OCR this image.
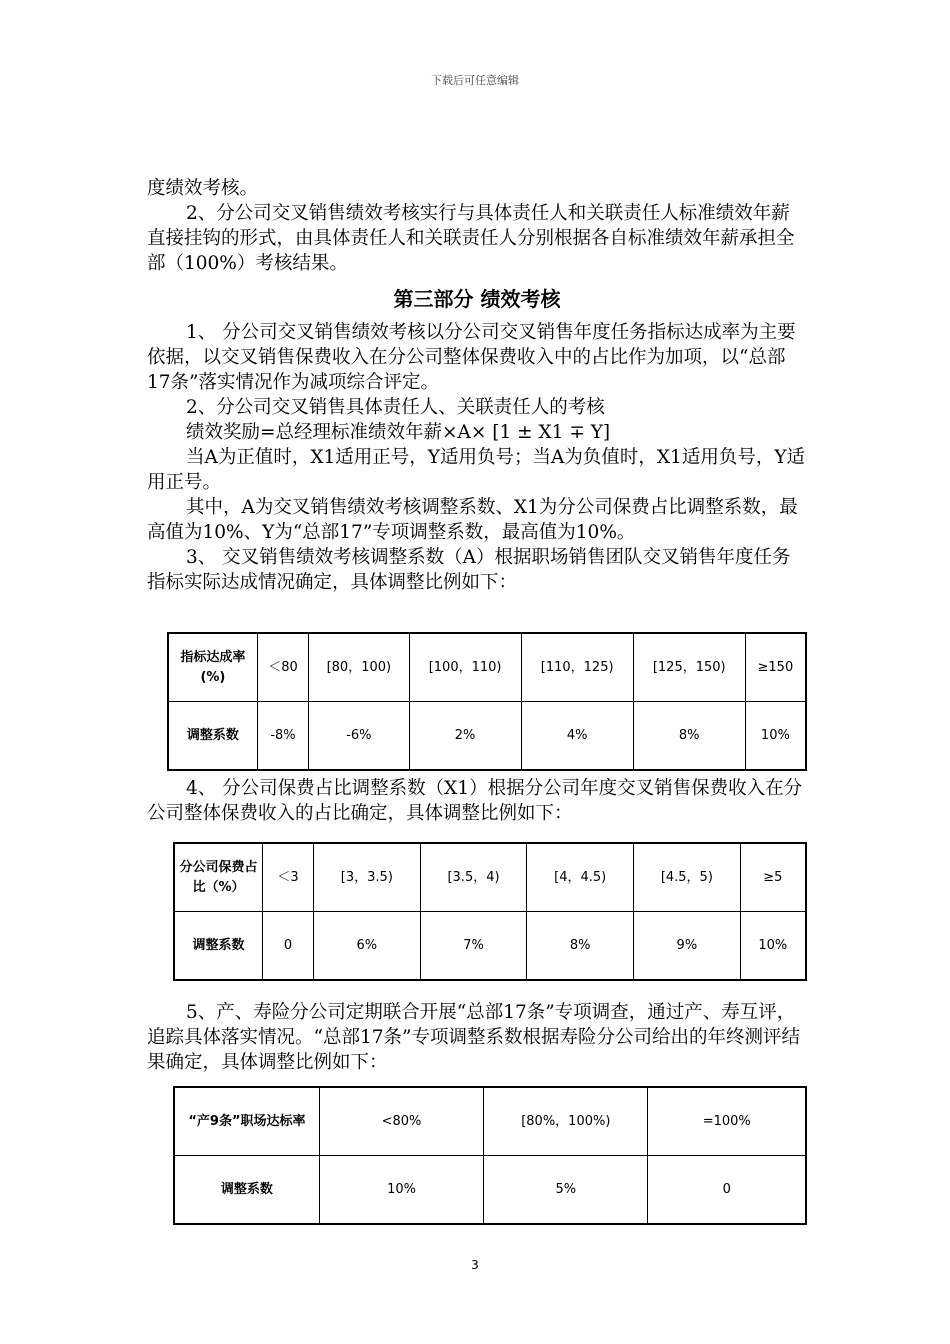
下载后可任意编辑

度绩效考核。

2、分公司交叉销售绩效考核实行与具体责任人和关联责任人标准绩效年薪直接挂钩的形式，由具体责任人和关联责任人分别根据各自标准绩效年薪承担全部（100%）考核结果。

第三部分 绩效考核

1、 分公司交叉销售绩效考核以分公司交叉销售年度任务指标达成率为主要依据，以交叉销售保费收入在分公司整体保费收入中的占比作为加项，以“总部17条”落实情况作为减项综合评定。

2、分公司交叉销售具体责任人、关联责任人的考核

绩效奖励=总经理标准绩效年薪×A× [1 ± X1 ∓ Y]

当A为正值时，X1适用正号，Y适用负号；当A为负值时，X1适用负号，Y适用正号。

其中，A为交叉销售绩效考核调整系数、X1为分公司保费占比调整系数，最高值为10%、Y为“总部17”专项调整系数，最高值为10%。

3、 交叉销售绩效考核调整系数（A）根据职场销售团队交叉销售年度任务指标实际达成情况确定，具体调整比例如下：

指标达成率(%)	＜80	[80，100)	[100，110)	[110，125)	[125，150)	≥150
调整系数	-8%	-6%	2%	4%	8%	10%

4、 分公司保费占比调整系数（X1）根据分公司年度交叉销售保费收入在分公司整体保费收入的占比确定，具体调整比例如下：

分公司保费占比（%）	＜3	[3，3.5)	[3.5，4)	[4，4.5)	[4.5，5)	≥5
调整系数	0	6%	7%	8%	9%	10%

5、产、寿险分公司定期联合开展“总部17条”专项调查，通过产、寿互评，追踪具体落实情况。“总部17条”专项调整系数根据寿险分公司给出的年终测评结果确定，具体调整比例如下：

“产9条”职场达标率	<80%	[80%，100%)	=100%
调整系数	10%	5%	0
3
